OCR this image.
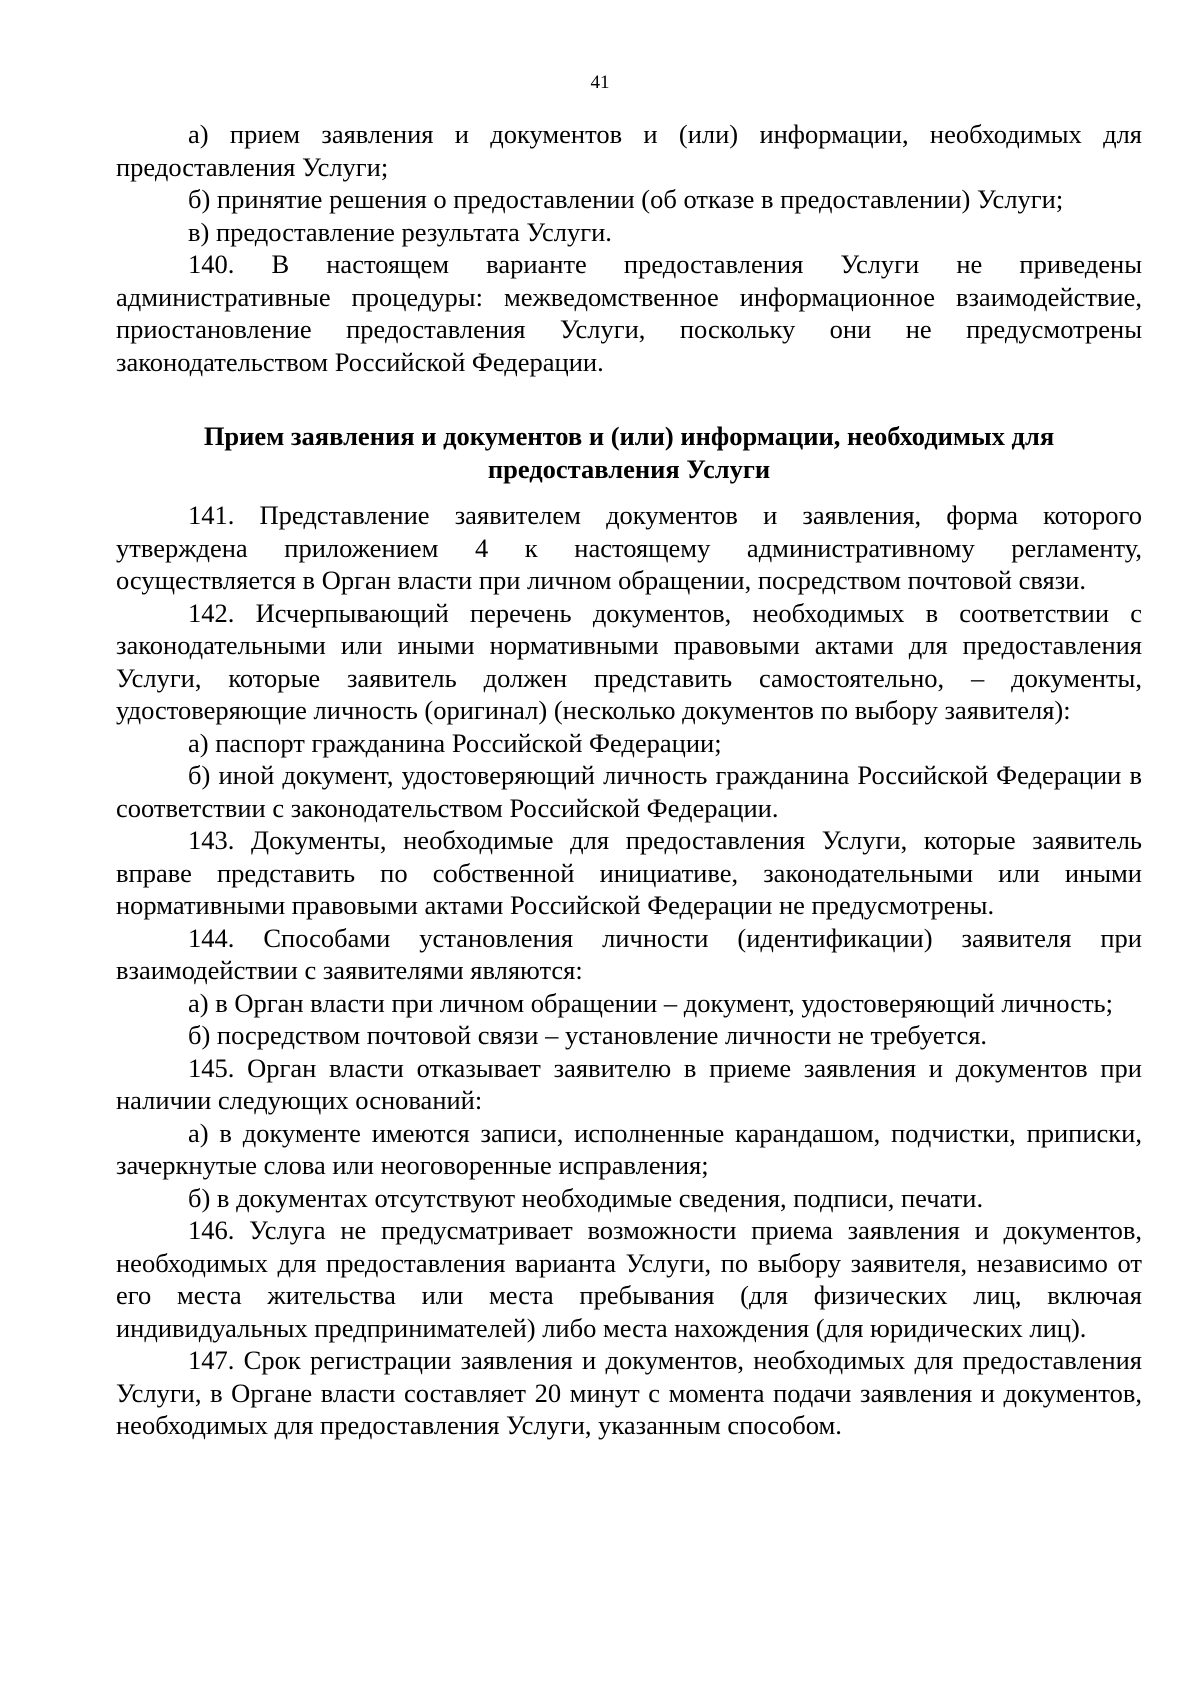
41

а) прием заявления и документов и (или) информации, необходимых для предоставления Услуги;

б) принятие решения о предоставлении (об отказе в предоставлении) Услуги;

в) предоставление результата Услуги.

140. В настоящем варианте предоставления Услуги не приведены административные процедуры: межведомственное информационное взаимодействие, приостановление предоставления Услуги, поскольку они не предусмотрены законодательством Российской Федерации.

Прием заявления и документов и (или) информации, необходимых для
предоставления Услуги

141. Представление заявителем документов и заявления, форма которого утверждена приложением 4 к настоящему административному регламенту, осуществляется в Орган власти при личном обращении, посредством почтовой связи.

142. Исчерпывающий перечень документов, необходимых в соответствии с законодательными или иными нормативными правовыми актами для предоставления Услуги, которые заявитель должен представить самостоятельно, – документы, удостоверяющие личность (оригинал) (несколько документов по выбору заявителя):

а) паспорт гражданина Российской Федерации;

б) иной документ, удостоверяющий личность гражданина Российской Федерации в соответствии с законодательством Российской Федерации.

143. Документы, необходимые для предоставления Услуги, которые заявитель вправе представить по собственной инициативе, законодательными или иными нормативными правовыми актами Российской Федерации не предусмотрены.

144. Способами установления личности (идентификации) заявителя при взаимодействии с заявителями являются:

а) в Орган власти при личном обращении – документ, удостоверяющий личность;

б) посредством почтовой связи – установление личности не требуется.

145. Орган власти отказывает заявителю в приеме заявления и документов при наличии следующих оснований:

а) в документе имеются записи, исполненные карандашом, подчистки, приписки, зачеркнутые слова или неоговоренные исправления;

б) в документах отсутствуют необходимые сведения, подписи, печати.

146. Услуга не предусматривает возможности приема заявления и документов, необходимых для предоставления варианта Услуги, по выбору заявителя, независимо от его места жительства или места пребывания (для физических лиц, включая индивидуальных предпринимателей) либо места нахождения (для юридических лиц).

147. Срок регистрации заявления и документов, необходимых для предоставления Услуги, в Органе власти составляет 20 минут с момента подачи заявления и документов, необходимых для предоставления Услуги, указанным способом.
